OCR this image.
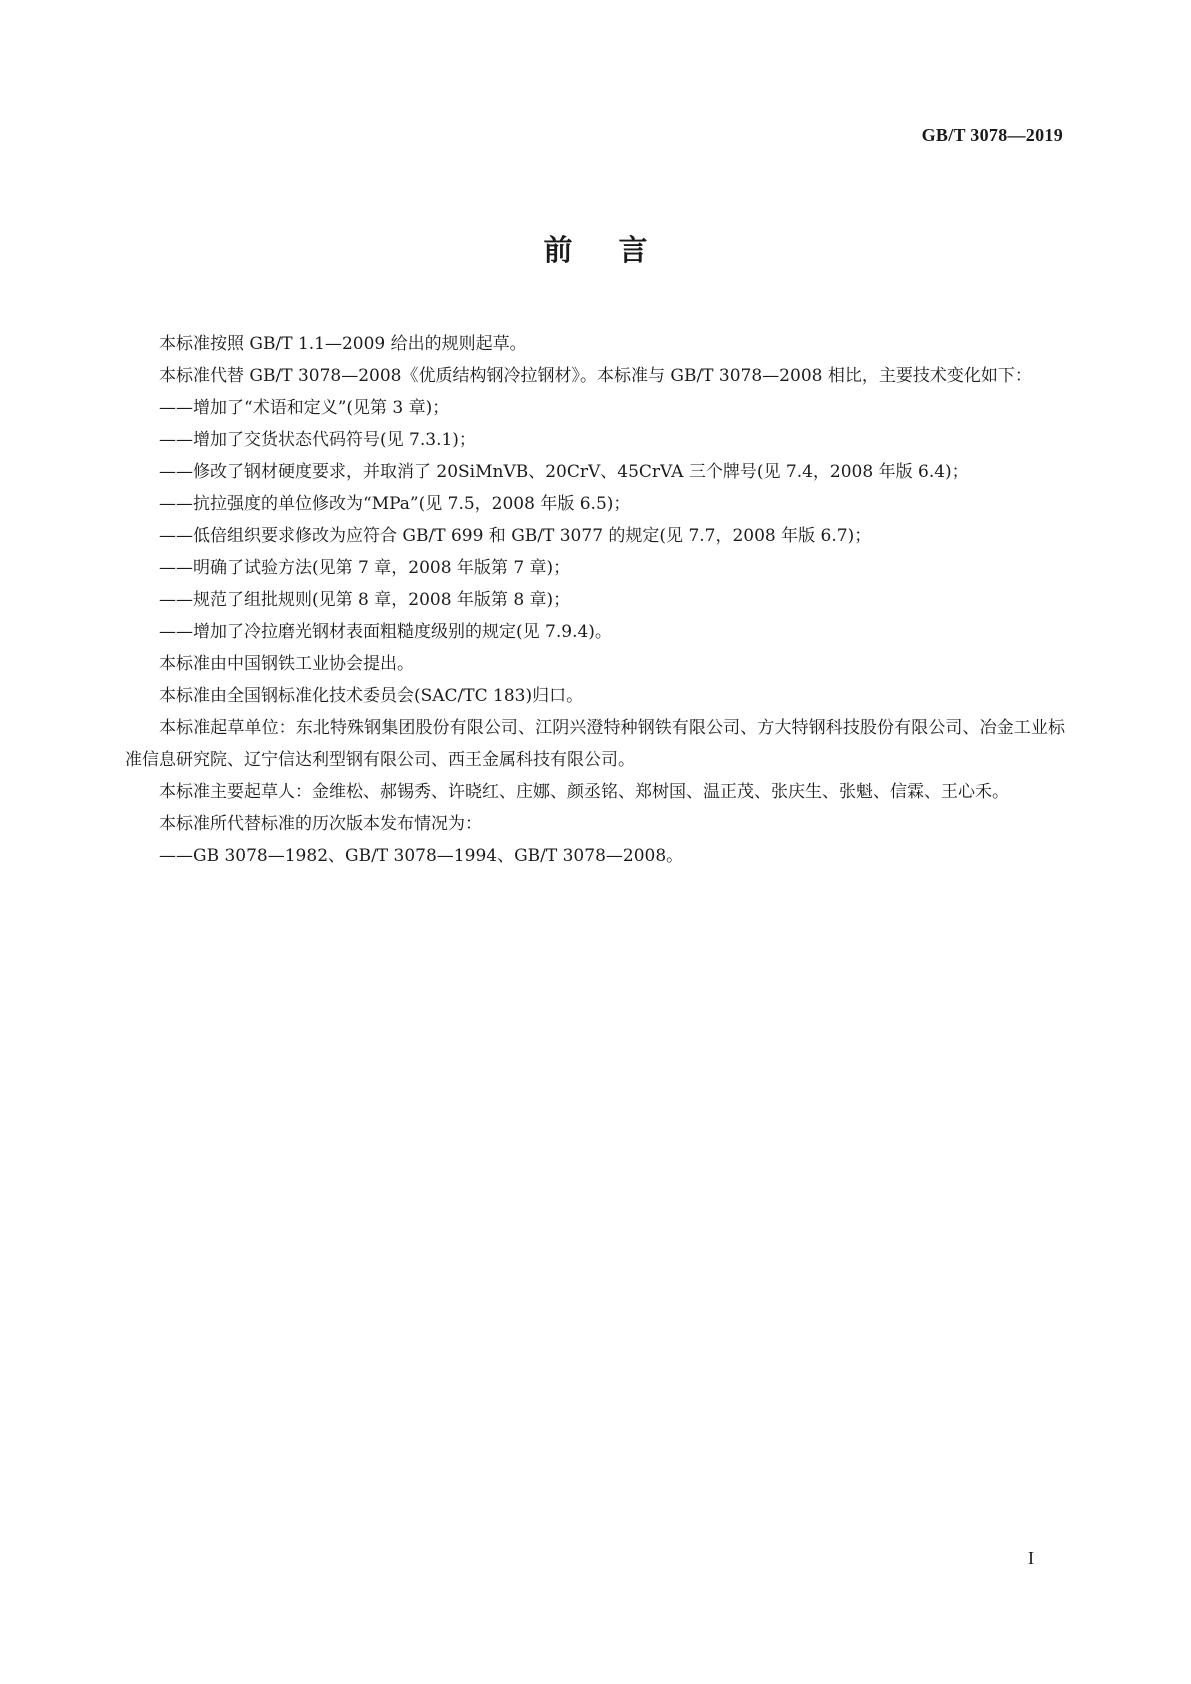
GB/T 3078—2019
前言

本标准按照 GB/T 1.1—2009 给出的规则起草。

本标准代替 GB/T 3078—2008《优质结构钢冷拉钢材》。本标准与 GB/T 3078—2008 相比，主要技术变化如下：

——增加了“术语和定义”(见第 3 章)；

——增加了交货状态代码符号(见 7.3.1)；

——修改了钢材硬度要求，并取消了 20SiMnVB、20CrV、45CrVA 三个牌号(见 7.4，2008 年版 6.4)；

——抗拉强度的单位修改为“MPa”(见 7.5，2008 年版 6.5)；

——低倍组织要求修改为应符合 GB/T 699 和 GB/T 3077 的规定(见 7.7，2008 年版 6.7)；

——明确了试验方法(见第 7 章，2008 年版第 7 章)；

——规范了组批规则(见第 8 章，2008 年版第 8 章)；

——增加了冷拉磨光钢材表面粗糙度级别的规定(见 7.9.4)。

本标准由中国钢铁工业协会提出。

本标准由全国钢标准化技术委员会(SAC/TC 183)归口。

本标准起草单位：东北特殊钢集团股份有限公司、江阴兴澄特种钢铁有限公司、方大特钢科技股份有限公司、冶金工业标准信息研究院、辽宁信达利型钢有限公司、西王金属科技有限公司。

本标准主要起草人：金维松、郝锡秀、许晓红、庄娜、颜丞铭、郑树国、温正茂、张庆生、张魁、信霖、王心禾。

本标准所代替标准的历次版本发布情况为：

——GB 3078—1982、GB/T 3078—1994、GB/T 3078—2008。

I
